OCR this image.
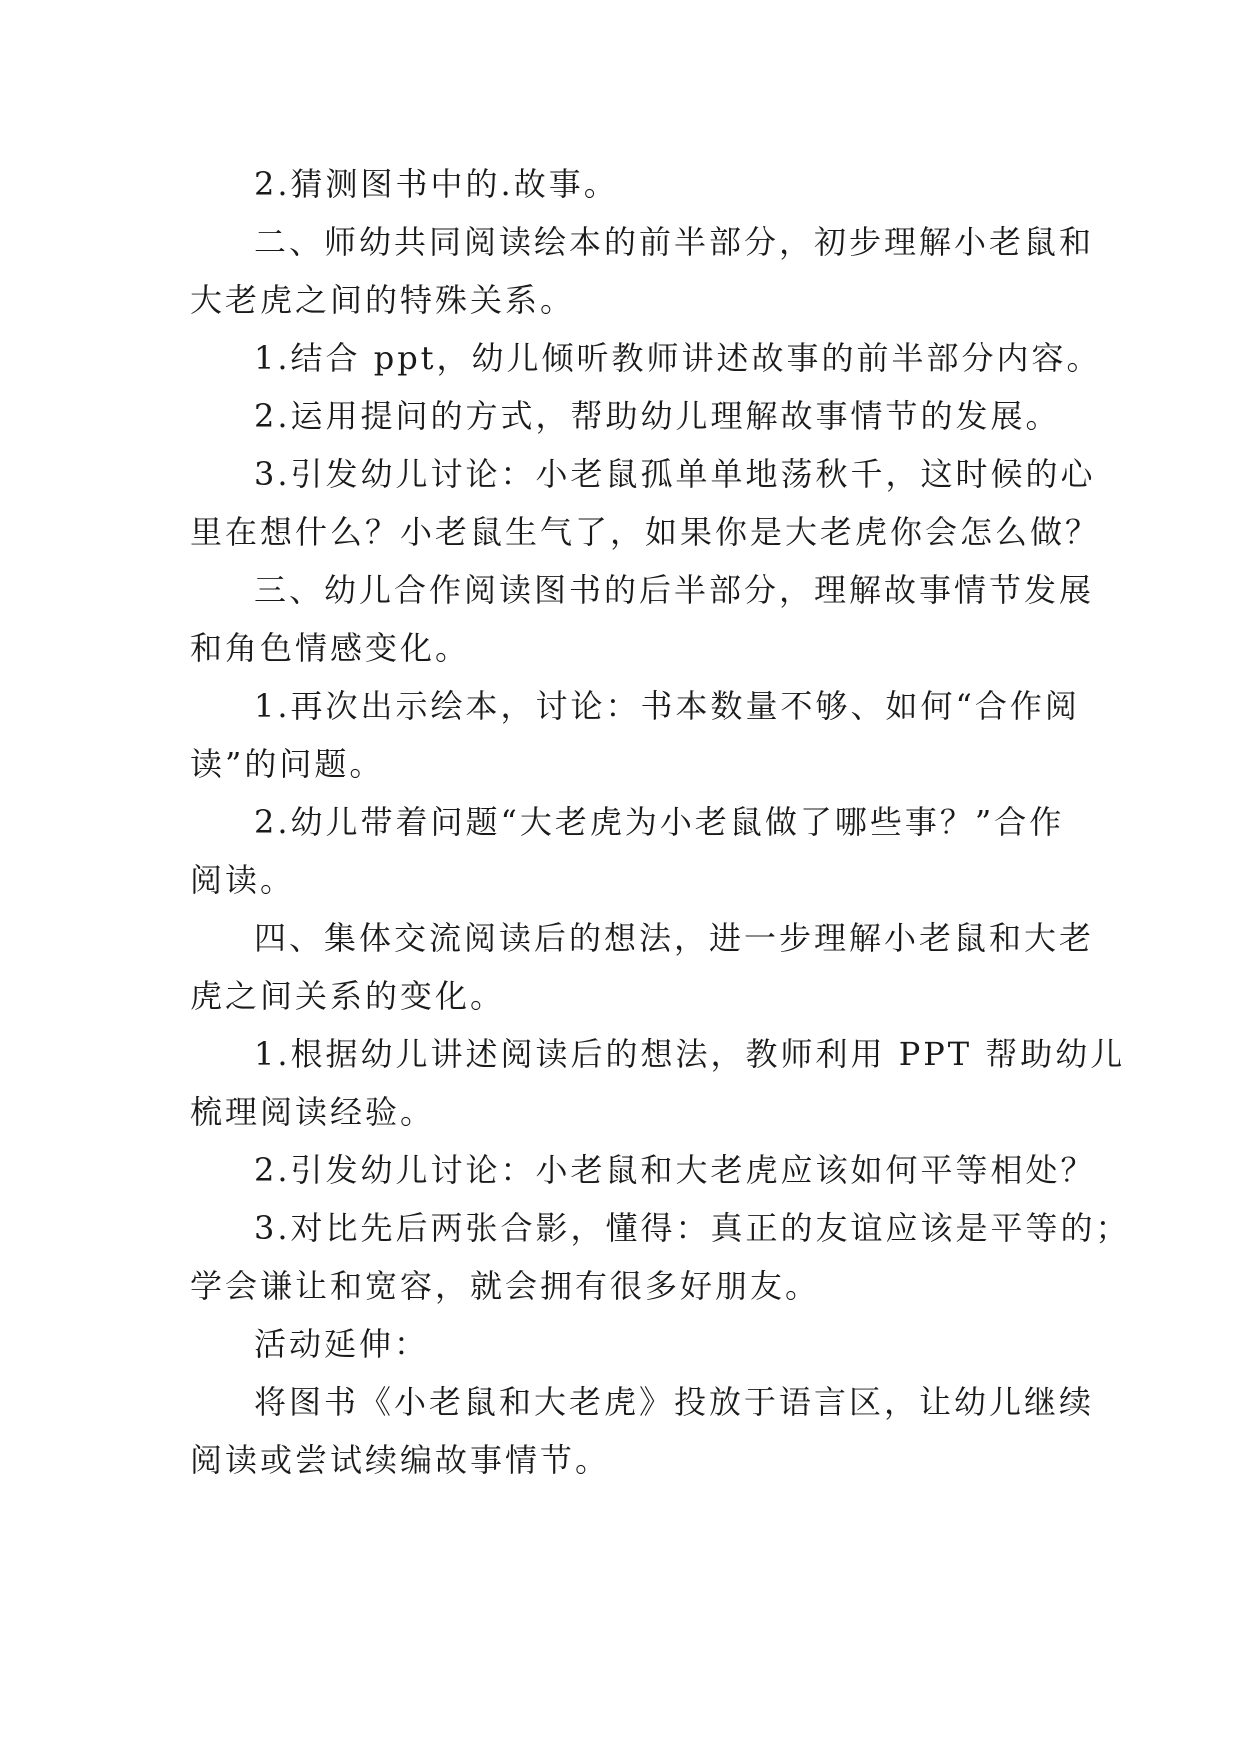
2.猜测图书中的.故事。
二、师幼共同阅读绘本的前半部分，初步理解小老鼠和
大老虎之间的特殊关系。
1.结合 ppt，幼儿倾听教师讲述故事的前半部分内容。
2.运用提问的方式，帮助幼儿理解故事情节的发展。
3.引发幼儿讨论：小老鼠孤单单地荡秋千，这时候的心
里在想什么？小老鼠生气了，如果你是大老虎你会怎么做？
三、幼儿合作阅读图书的后半部分，理解故事情节发展
和角色情感变化。
1.再次出示绘本，讨论：书本数量不够、如何“合作阅
读”的问题。
2.幼儿带着问题“大老虎为小老鼠做了哪些事？”合作
阅读。
四、集体交流阅读后的想法，进一步理解小老鼠和大老
虎之间关系的变化。
1.根据幼儿讲述阅读后的想法，教师利用 PPT 帮助幼儿
梳理阅读经验。
2.引发幼儿讨论：小老鼠和大老虎应该如何平等相处？
3.对比先后两张合影，懂得：真正的友谊应该是平等的；
学会谦让和宽容，就会拥有很多好朋友。
活动延伸：
将图书《小老鼠和大老虎》投放于语言区，让幼儿继续
阅读或尝试续编故事情节。
